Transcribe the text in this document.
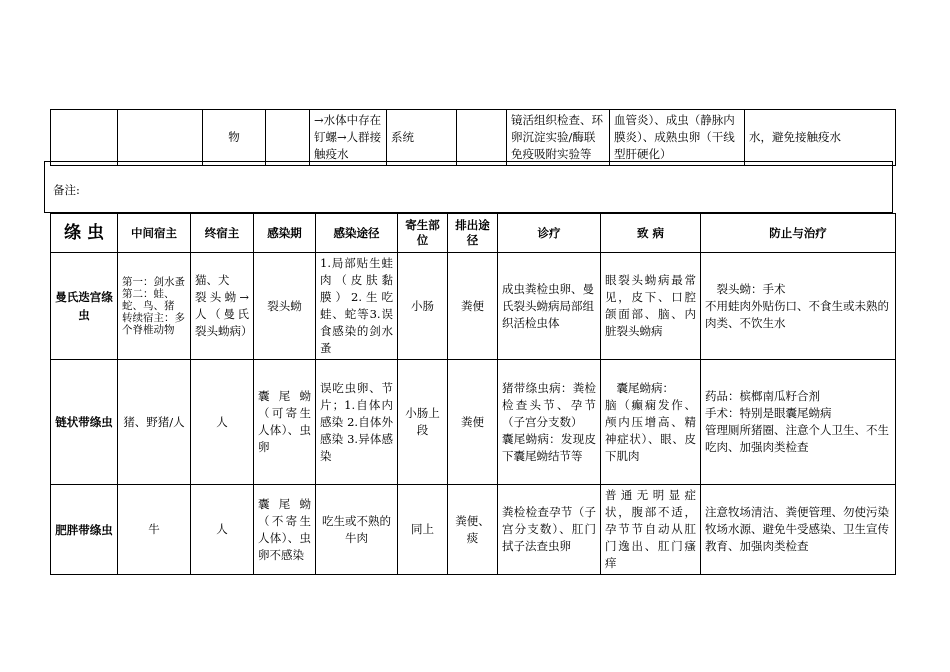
		物		→水体中存在钉螺→人群接触疫水	系统		镜活组织检查、环卵沉淀实验/酶联免疫吸附实验等	血管炎）、成虫（静脉内膜炎）、成熟虫卵（干线型肝硬化）	水，避免接触疫水
备注:
绦 虫	中间宿主	终宿主	感染期	感染途径	寄生部位	排出途径	诊疗	致 病	防止与治疗
曼氏迭宫绦虫	第一：剑水蚤
第二：蛙、蛇、鸟、猪
转续宿主：多个脊椎动物	猫、犬
裂头蚴→人（曼氏裂头蚴病）	裂头蚴	1.局部贴生蛙肉（皮肤黏膜）2.生吃蛙、蛇等3.误食感染的剑水蚤	小肠	粪便	成虫粪检虫卵、曼氏裂头蚴病局部组织活检虫体	眼裂头蚴病最常见，皮下、口腔颌面部、脑、内脏裂头蚴病	　裂头蚴：手术
不用蛙肉外贴伤口、不食生或未熟的肉类、不饮生水
链状带绦虫	猪、野猪/人	人	囊尾蚴（可寄生人体）、虫卵	误吃虫卵、节片；1.自体内感染 2.自体外感染 3.异体感染	小肠上段	粪便	猪带绦虫病：粪检检查头节、孕节（子宫分支数）
囊尾蚴病：发现皮下囊尾蚴结节等	　囊尾蚴病：
脑（癫痫发作、颅内压增高、精神症状）、眼、皮下肌肉	药品：槟榔南瓜籽合剂
手术：特别是眼囊尾蚴病
管理厕所猪圈、注意个人卫生、不生吃肉、加强肉类检查
肥胖带绦虫	牛	人	囊尾蚴（不寄生人体）、虫卵不感染	吃生或不熟的牛肉	同上	粪便、痰	粪检检查孕节（子宫分支数）、肛门拭子法查虫卵	普通无明显症状，腹部不适，孕节节自动从肛门逸出、肛门瘙痒	注意牧场清洁、粪便管理、勿使污染牧场水源、避免牛受感染、卫生宣传教育、加强肉类检查
